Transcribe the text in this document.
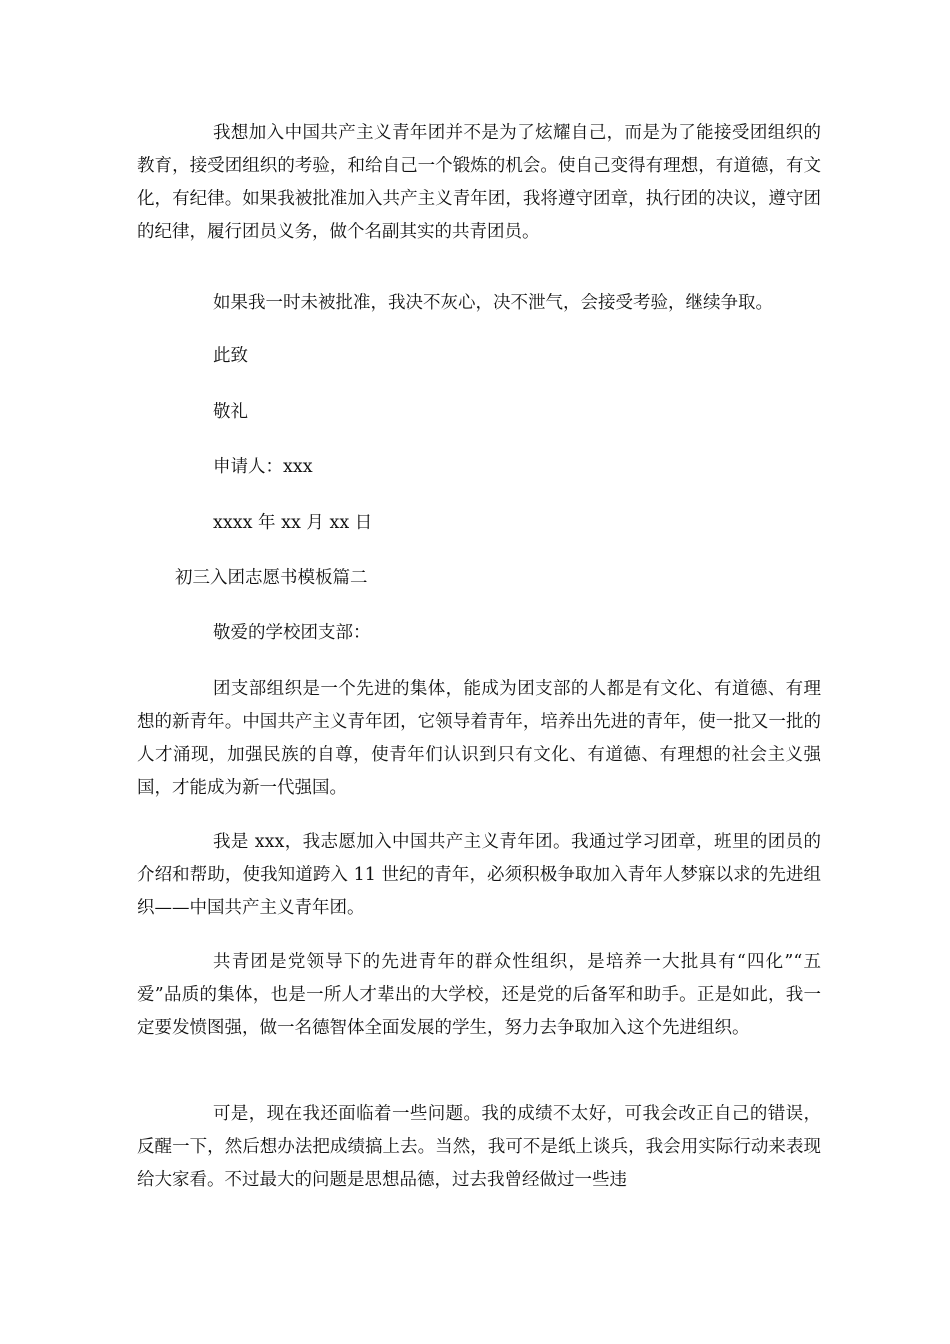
我想加入中国共产主义青年团并不是为了炫耀自己，而是为了能接受团组织的教育，接受团组织的考验，和给自己一个锻炼的机会。使自己变得有理想，有道德，有文化，有纪律。如果我被批准加入共产主义青年团，我将遵守团章，执行团的决议，遵守团的纪律，履行团员义务，做个名副其实的共青团员。

如果我一时未被批准，我决不灰心，决不泄气，会接受考验，继续争取。

此致

敬礼

申请人：xxx

xxxx 年 xx 月 xx 日

初三入团志愿书模板篇二

敬爱的学校团支部：

团支部组织是一个先进的集体，能成为团支部的人都是有文化、有道德、有理想的新青年。中国共产主义青年团，它领导着青年，培养出先进的青年，使一批又一批的人才涌现，加强民族的自尊，使青年们认识到只有文化、有道德、有理想的社会主义强国，才能成为新一代强国。

我是 xxx，我志愿加入中国共产主义青年团。我通过学习团章，班里的团员的介绍和帮助，使我知道跨入 11 世纪的青年，必须积极争取加入青年人梦寐以求的先进组织——中国共产主义青年团。

共青团是党领导下的先进青年的群众性组织，是培养一大批具有“四化”“五爱”品质的集体，也是一所人才辈出的大学校，还是党的后备军和助手。正是如此，我一定要发愤图强，做一名德智体全面发展的学生，努力去争取加入这个先进组织。

可是，现在我还面临着一些问题。我的成绩不太好，可我会改正自己的错误，反醒一下，然后想办法把成绩搞上去。当然，我可不是纸上谈兵，我会用实际行动来表现给大家看。不过最大的问题是思想品德，过去我曾经做过一些违
